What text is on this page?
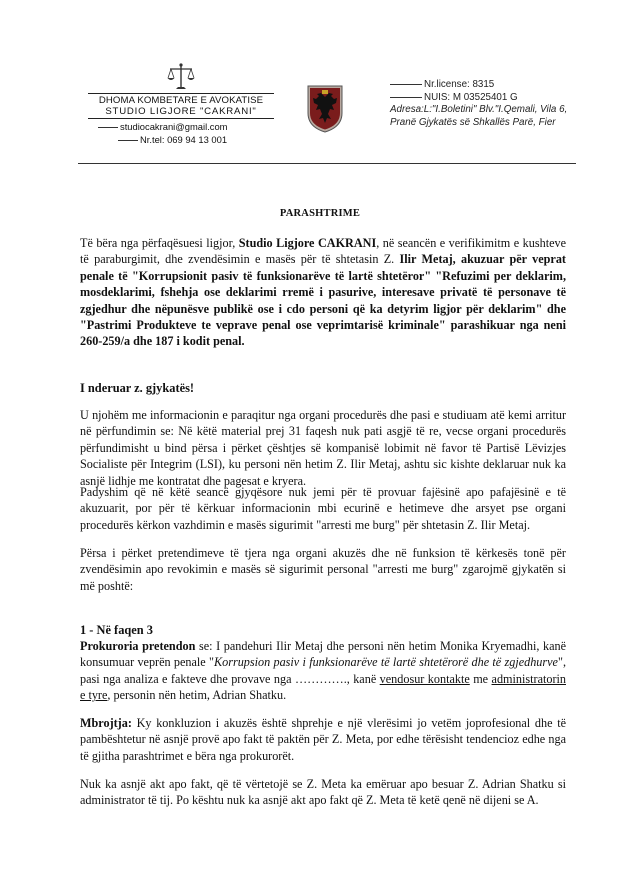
DHOMA KOMBETARE E AVOKATISE
STUDIO LIGJORE "CAKRANI"
studiocakrani@gmail.com
Nr.tel: 069 94 13 001
Nr.license: 8315
NUIS: M 03525401 G
Adresa:L:"I.Boletini" Blv."I.Qemali, Vila 6,
Pranë Gjykatës së Shkallës Parë, Fier
PARASHTRIME
Të bëra nga përfaqësuesi ligjor, Studio Ligjore CAKRANI, në seancën e verifikimitm e kushteve të paraburgimit, dhe zvendësimin e masës për të shtetasin Z. Ilir Metaj, akuzuar për veprat penale të "Korrupsionit pasiv të funksionarëve të lartë shtetëror" "Refuzimi per deklarim, mosdeklarimi, fshehja ose deklarimi rremë i pasurive, interesave privatë të personave të zgjedhur dhe nëpunësve publikë ose i cdo personi që ka detyrim ligjor për deklarim" dhe "Pastrimi Produkteve te veprave penal ose veprimtarisë kriminale" parashikuar nga neni 260-259/a dhe 187 i kodit penal.
I nderuar z. gjykatës!
U njohëm me informacionin e paraqitur nga organi procedurës dhe pasi e studiuam atë kemi arritur në përfundimin se: Në këtë material prej 31 faqesh nuk pati asgjë të re, vecse organi procedurës përfundimisht u bind përsa i përket çështjes së kompanisë lobimit në favor të Partisë Lëvizjes Socialiste për Integrim (LSI), ku personi nën hetim Z. Ilir Metaj, ashtu sic kishte deklaruar nuk ka asnjë lidhje me kontratat dhe pagesat e kryera.
Padyshim që në këtë seancë gjyqësore nuk jemi për të provuar fajësinë apo pafajësinë e të akuzuarit, por për të kërkuar informacionin mbi ecurinë e hetimeve dhe arsyet pse organi procedurës kërkon vazhdimin e masës sigurimit "arresti me burg" për shtetasin Z. Ilir Metaj.
Përsa i përket pretendimeve të tjera nga organi akuzës dhe në funksion të kërkesës tonë për zvendësimin apo revokimin e masës së sigurimit personal "arresti me burg" zgarojmë gjykatën si më poshtë:
1 - Në faqen 3
Prokuroria pretendon se: I pandehuri Ilir Metaj dhe personi nën hetim Monika Kryemadhi, kanë konsumuar veprën penale "Korrupsion pasiv i funksionarëve të lartë shtetërorë dhe të zgjedhurve", pasi nga analiza e fakteve dhe provave nga …………., kanë vendosur kontakte me administratorin e tyre, personin nën hetim, Adrian Shatku.
Mbrojtja: Ky konkluzion i akuzës është shprehje e një vlerësimi jo vetëm joprofesional dhe të pambështetur në asnjë provë apo fakt të paktën për Z. Meta, por edhe tërësisht tendencioz edhe nga të gjitha parashtrimet e bëra nga prokurorët.
Nuk ka asnjë akt apo fakt, që të vërtetojë se Z. Meta ka emëruar apo besuar Z. Adrian Shatku si administrator të tij. Po kështu nuk ka asnjë akt apo fakt që Z. Meta të ketë qenë në dijeni se A.
